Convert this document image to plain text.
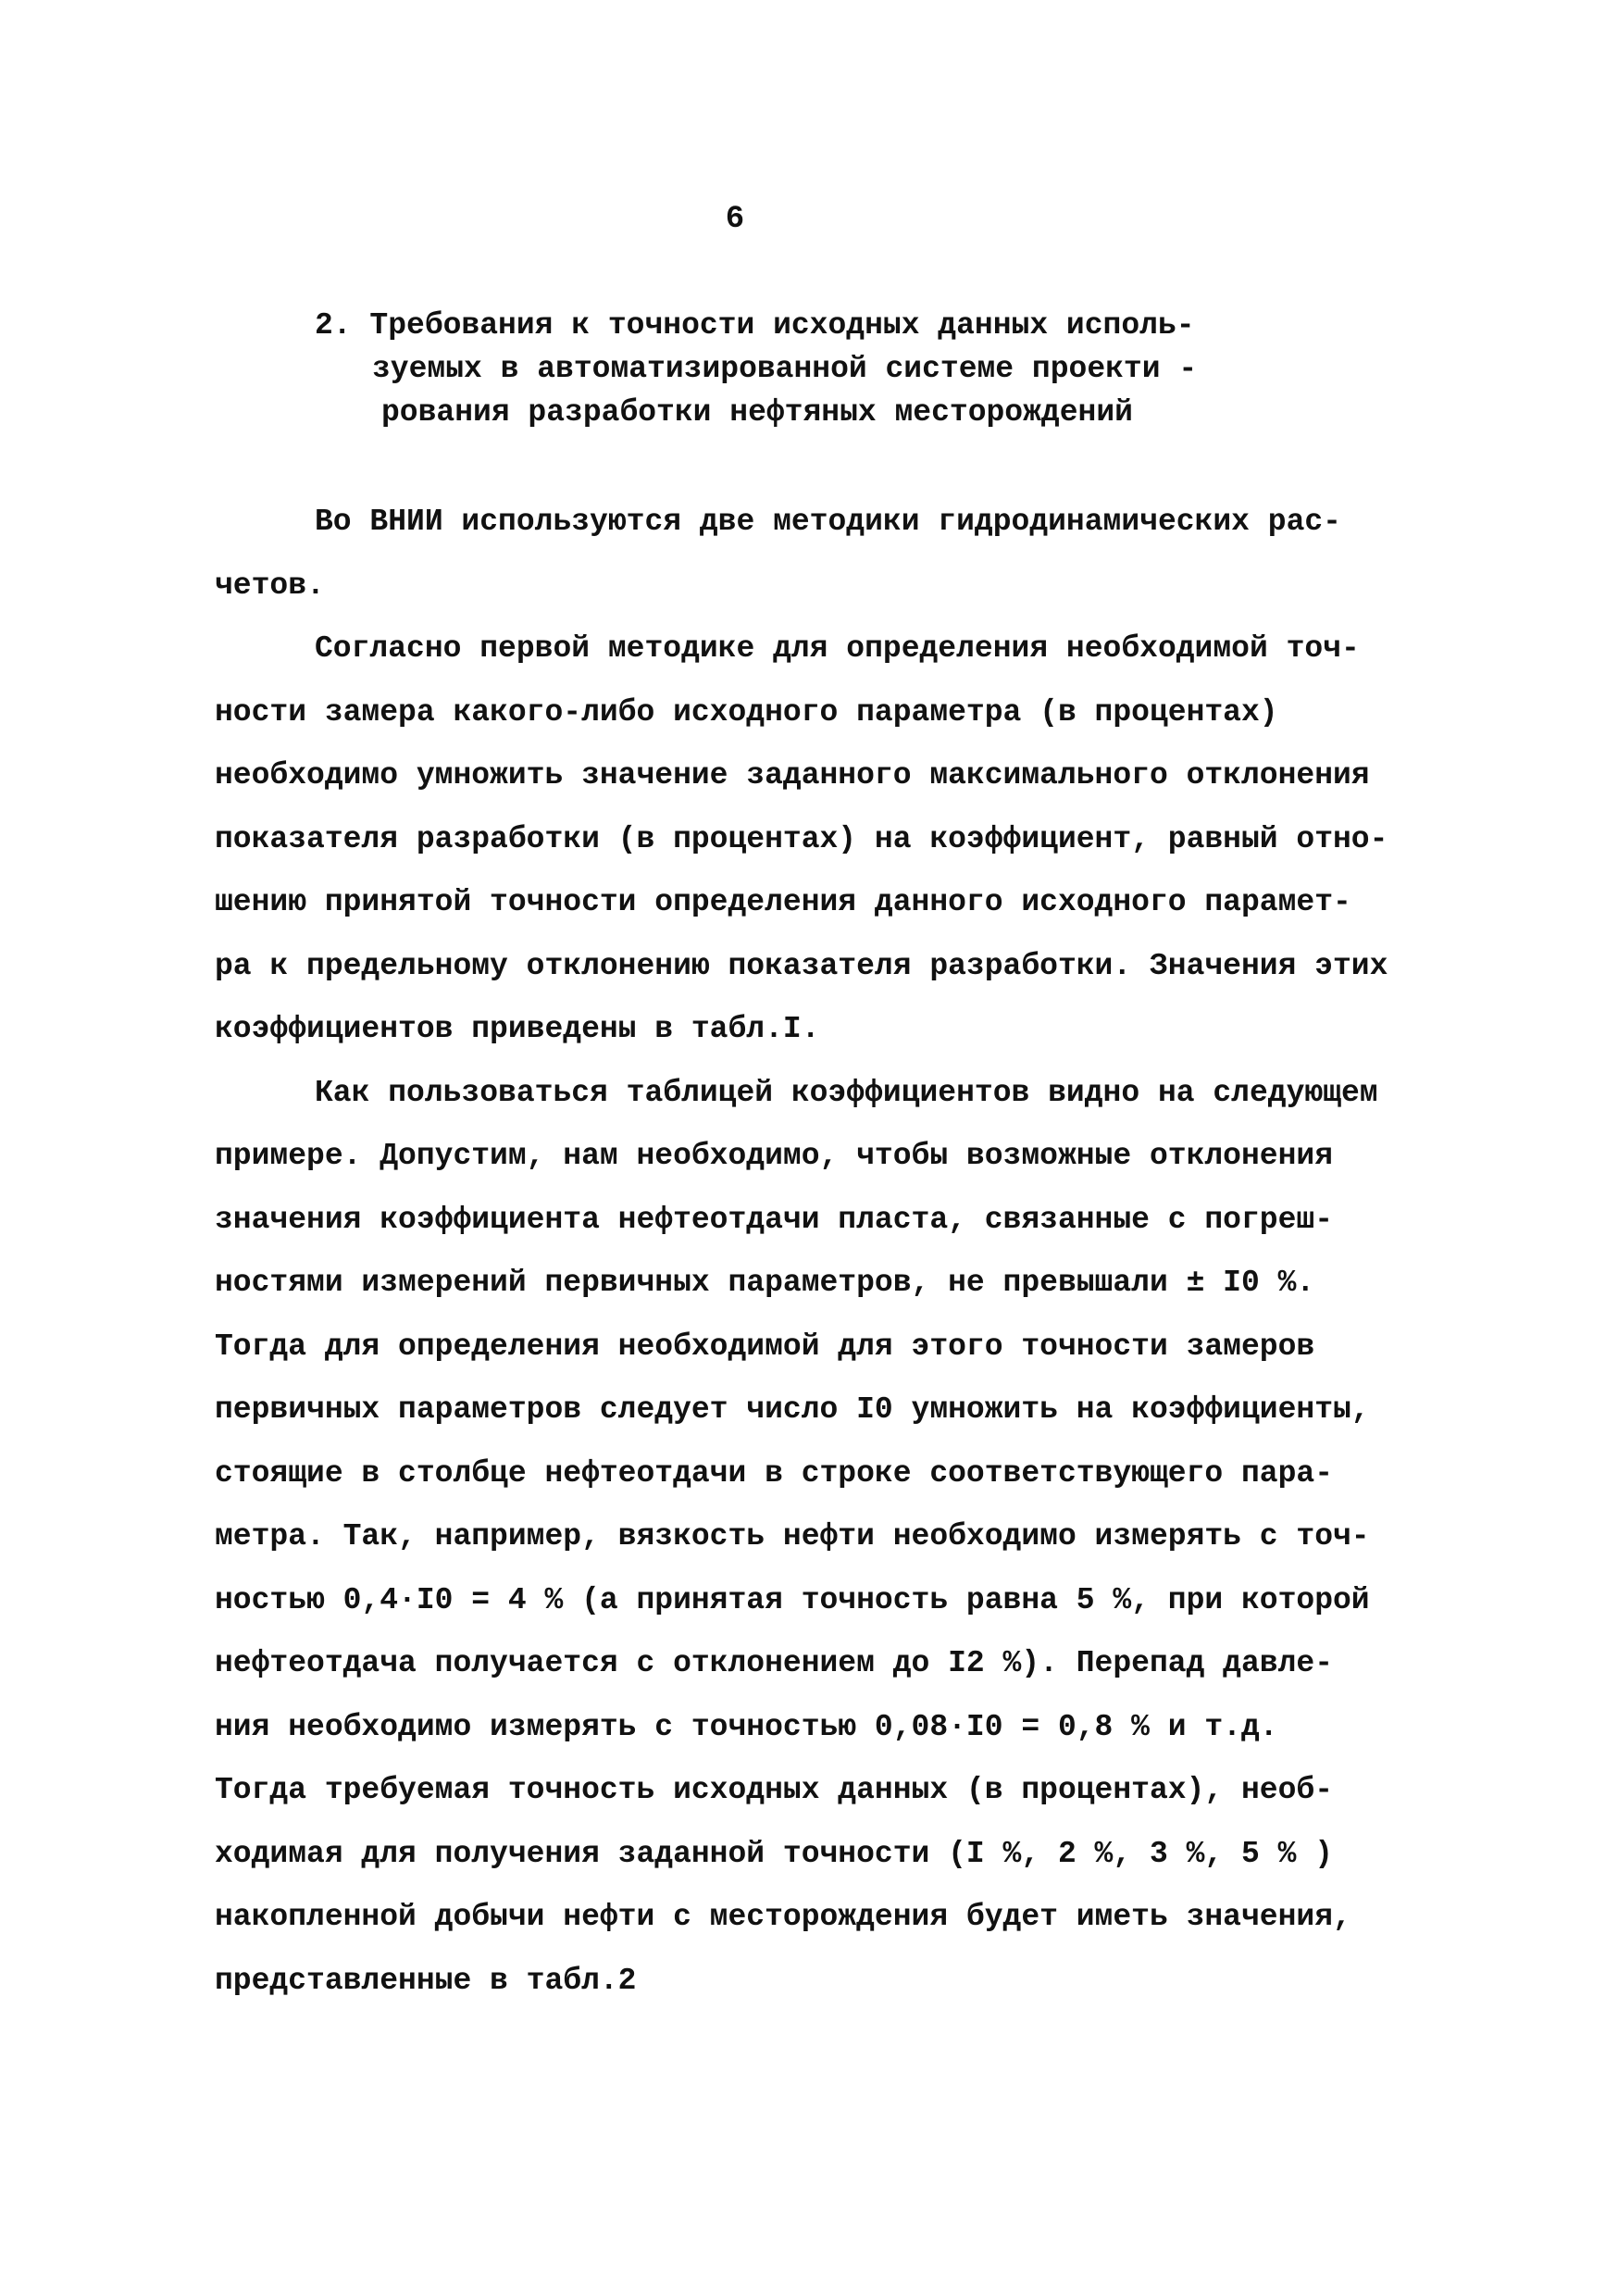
6
2. Требования к точности исходных данных исполь-
зуемых в автоматизированной системе проекти -
рования разработки нефтяных месторождений
Во ВНИИ используются две методики гидродинамических рас-
четов.
Согласно первой методике для определения необходимой точ-
ности замера какого-либо исходного параметра (в процентах)
необходимо умножить значение заданного максимального отклонения
показателя разработки (в процентах) на коэффициент, равный отно-
шению принятой точности определения данного исходного парамет-
ра к предельному отклонению показателя разработки. Значения этих
коэффициентов приведены в табл.I.
Как пользоваться таблицей коэффициентов видно на следующем
примере. Допустим, нам необходимо, чтобы возможные отклонения
значения коэффициента нефтеотдачи пласта, связанные с погреш-
ностями измерений первичных параметров, не превышали ± I0 %.
Тогда для определения необходимой для этого точности замеров
первичных параметров следует число I0 умножить на коэффициенты,
стоящие в столбце нефтеотдачи в строке соответствующего пара-
метра. Так, например, вязкость нефти необходимо измерять с точ-
ностью 0,4·I0 = 4 % (а принятая точность равна 5 %, при которой
нефтеотдача получается с отклонением до I2 %). Перепад давле-
ния необходимо измерять с точностью 0,08·I0 = 0,8 % и т.д.
Тогда требуемая точность исходных данных (в процентах), необ-
ходимая для получения заданной точности (I %, 2 %, 3 %, 5 % )
накопленной добычи нефти с месторождения будет иметь значения,
представленные в табл.2
